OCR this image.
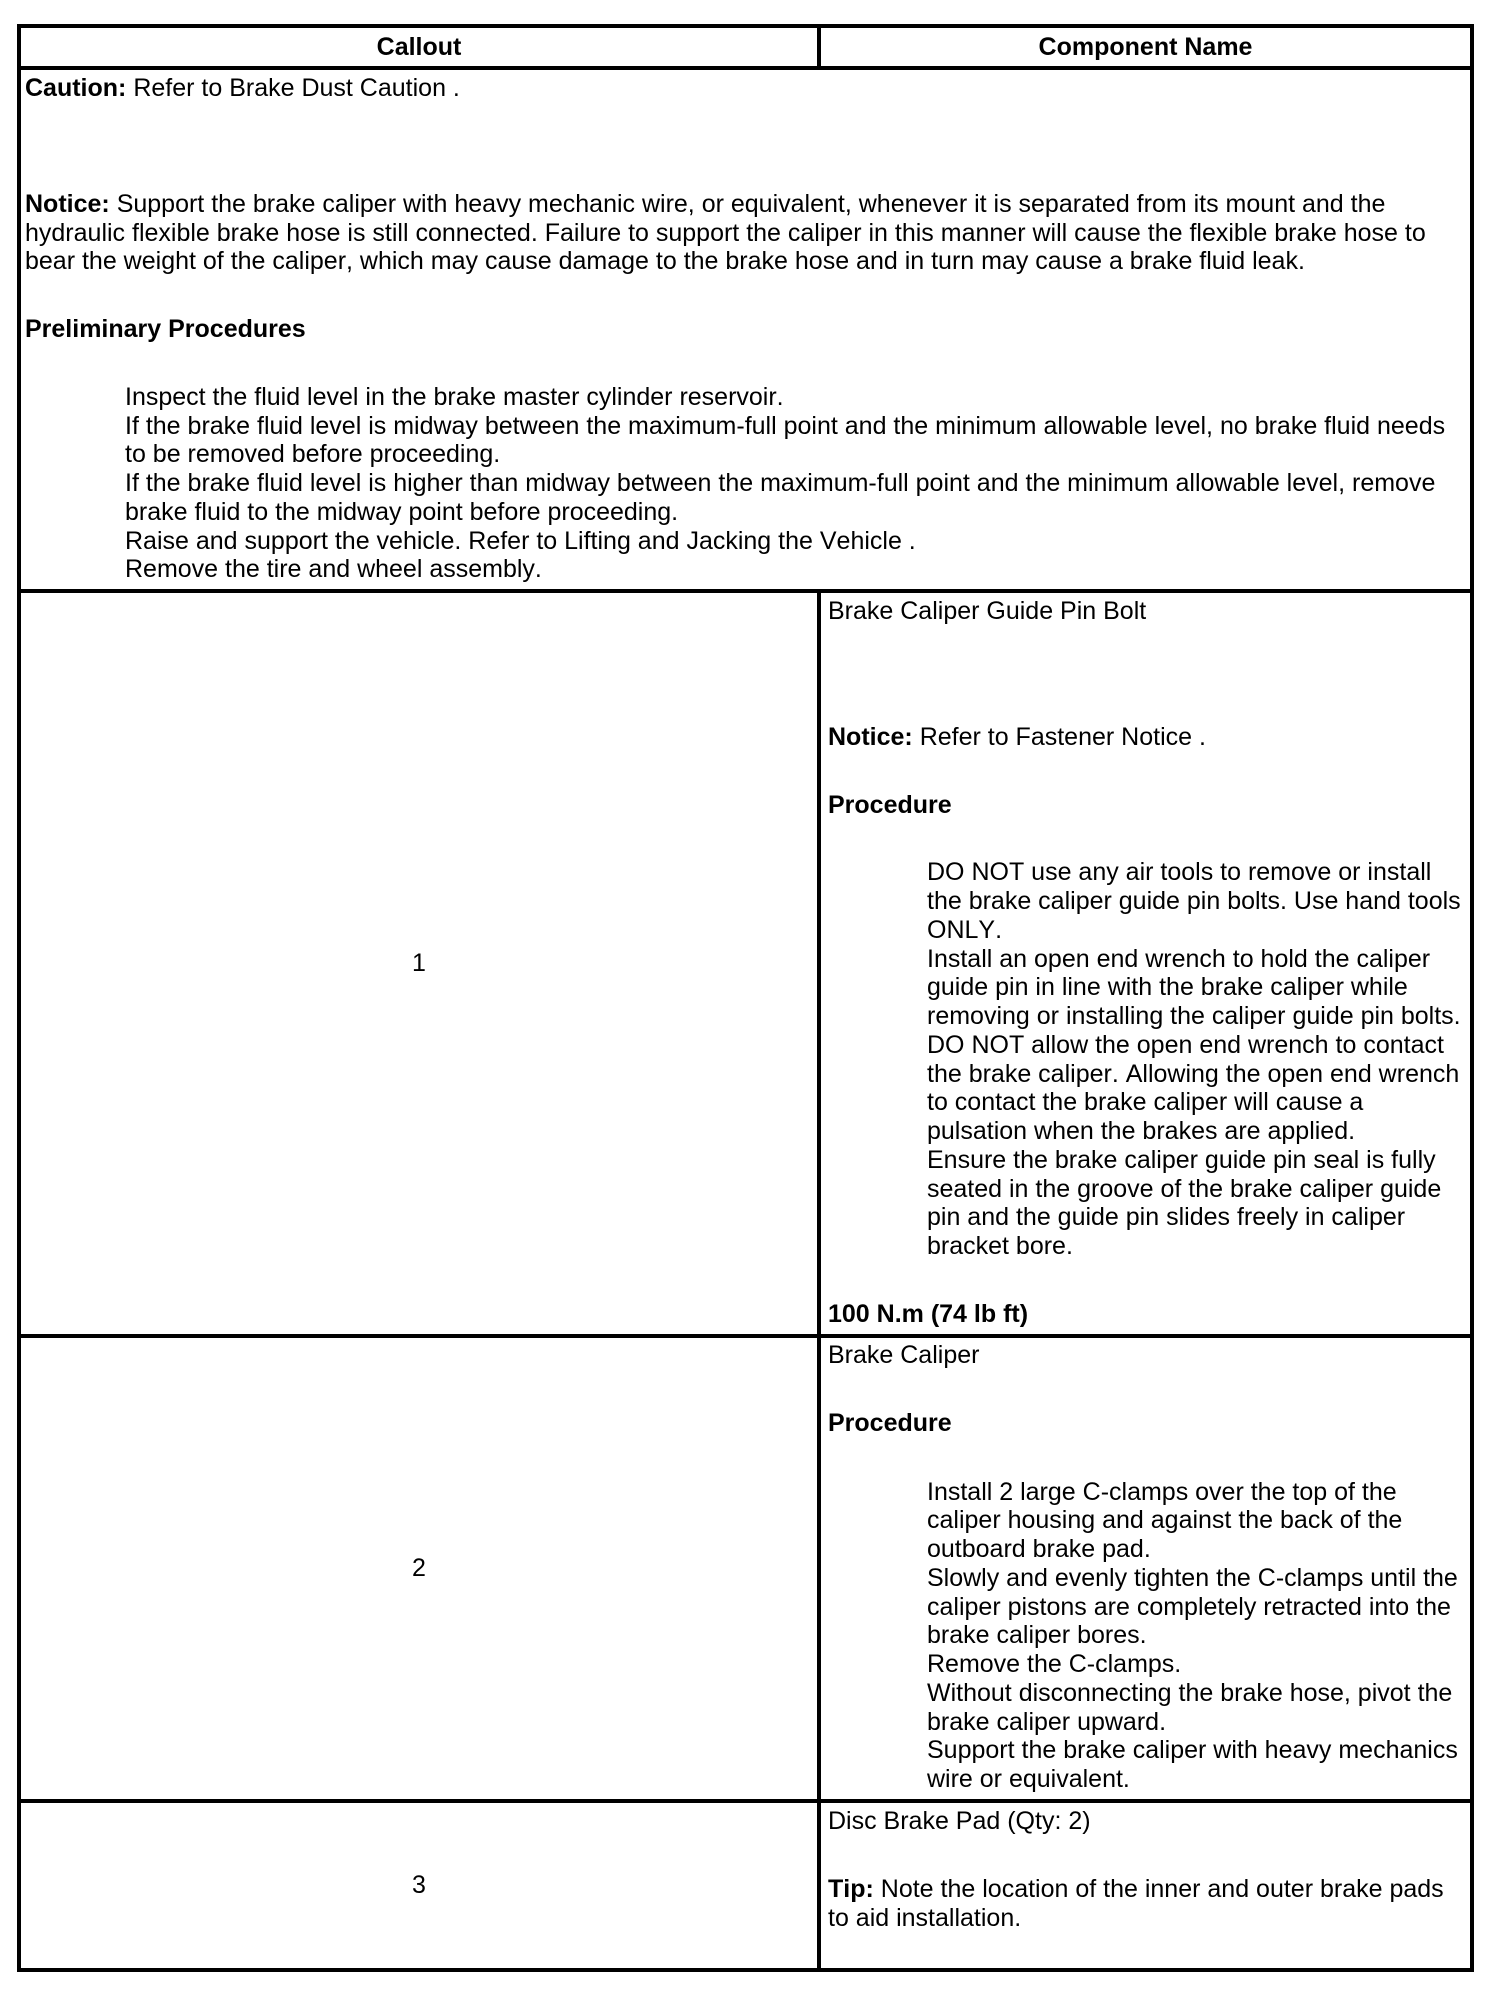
Callout	Component Name
Caution: Refer to Brake Dust Caution .
Notice: Support the brake caliper with heavy mechanic wire, or equivalent, whenever it is separated from its mount and the hydraulic flexible brake hose is still connected. Failure to support the caliper in this manner will cause the flexible brake hose to bear the weight of the caliper, which may cause damage to the brake hose and in turn may cause a brake fluid leak.
Preliminary Procedures
Inspect the fluid level in the brake master cylinder reservoir.
If the brake fluid level is midway between the maximum-full point and the minimum allowable level, no brake fluid needs to be removed before proceeding.
If the brake fluid level is higher than midway between the maximum-full point and the minimum allowable level, remove brake fluid to the midway point before proceeding.
Raise and support the vehicle. Refer to Lifting and Jacking the Vehicle .
Remove the tire and wheel assembly.
1
Brake Caliper Guide Pin Bolt
Notice: Refer to Fastener Notice .
Procedure
DO NOT use any air tools to remove or install the brake caliper guide pin bolts. Use hand tools ONLY.
Install an open end wrench to hold the caliper guide pin in line with the brake caliper while removing or installing the caliper guide pin bolts.
DO NOT allow the open end wrench to contact the brake caliper. Allowing the open end wrench to contact the brake caliper will cause a pulsation when the brakes are applied.
Ensure the brake caliper guide pin seal is fully seated in the groove of the brake caliper guide pin and the guide pin slides freely in caliper bracket bore.
100 N.m (74 lb ft)
2
Brake Caliper
Procedure
Install 2 large C-clamps over the top of the caliper housing and against the back of the outboard brake pad.
Slowly and evenly tighten the C-clamps until the caliper pistons are completely retracted into the brake caliper bores.
Remove the C-clamps.
Without disconnecting the brake hose, pivot the brake caliper upward.
Support the brake caliper with heavy mechanics wire or equivalent.
3
Disc Brake Pad (Qty: 2)
Tip: Note the location of the inner and outer brake pads to aid installation.
